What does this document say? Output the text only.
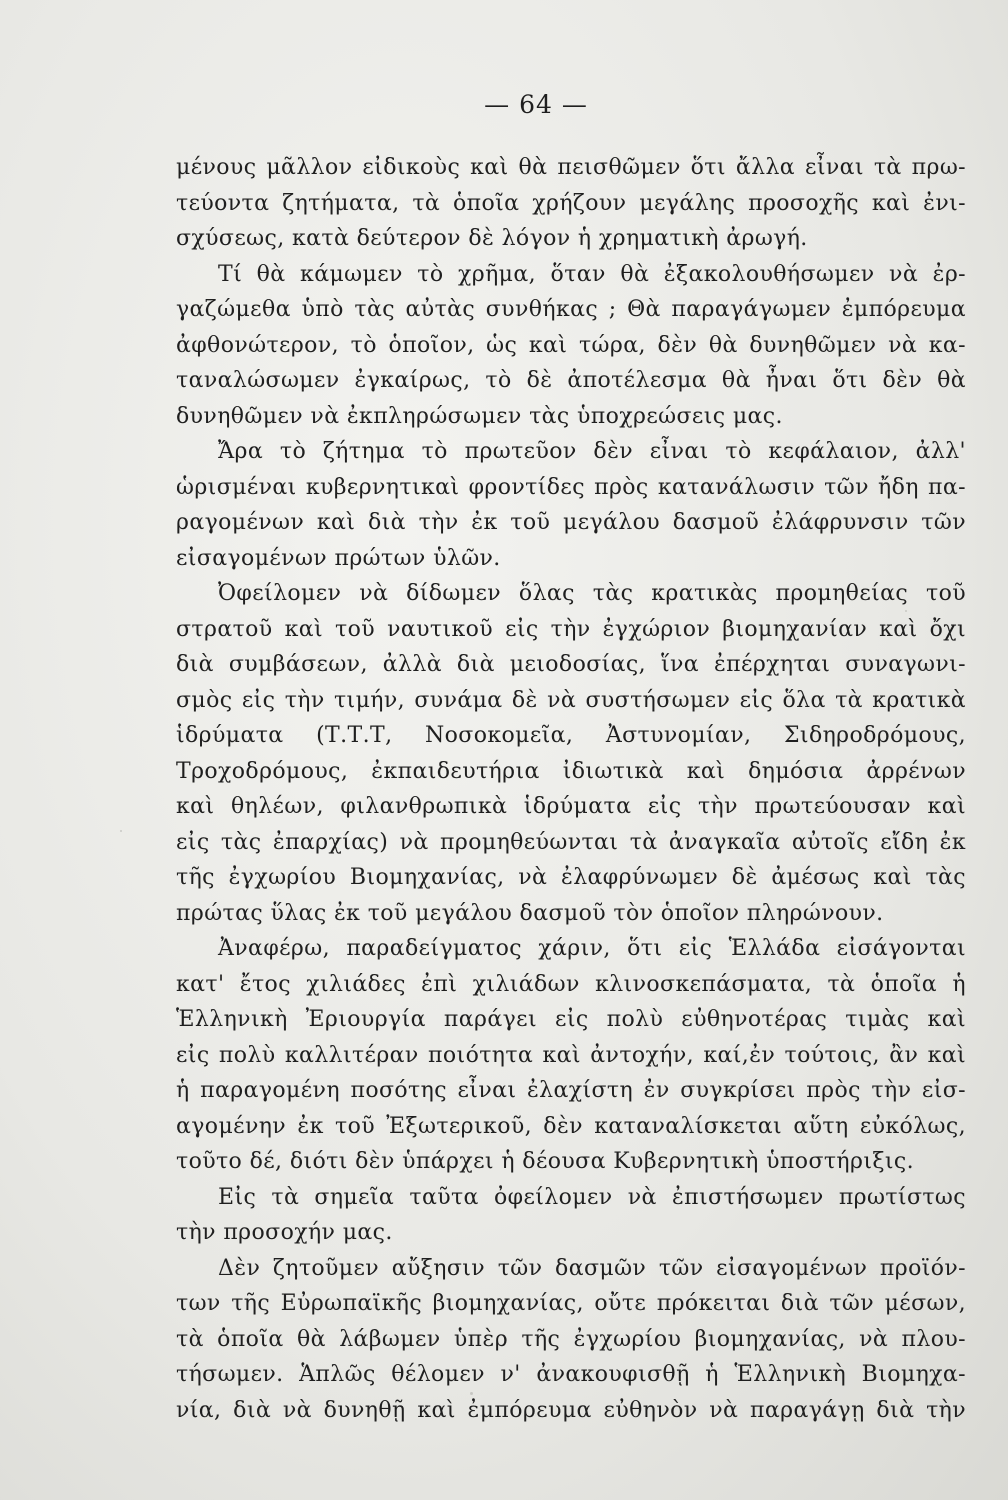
— 64 —
μένους μᾶλλον εἰδικοὺς καὶ θὰ πεισθῶμεν ὅτι ἄλλα εἶναι τὰ πρω-
τεύοντα ζητήματα, τὰ ὁποῖα χρήζουν μεγάλης προσοχῆς καὶ ἐνι-
σχύσεως, κατὰ δεύτερον δὲ λόγον ἡ χρηματικὴ ἀρωγή.
Τί θὰ κάμωμεν τὸ χρῆμα, ὅταν θὰ ἐξακολουθήσωμεν νὰ ἐρ-
γαζώμεθα ὑπὸ τὰς αὐτὰς συνθήκας ; Θὰ παραγάγωμεν ἐμπόρευμα
ἀφθονώτερον, τὸ ὁποῖον, ὡς καὶ τώρα, δὲν θὰ δυνηθῶμεν νὰ κα-
ταναλώσωμεν ἐγκαίρως, τὸ δὲ ἀποτέλεσμα θὰ ἦναι ὅτι δὲν θὰ
δυνηθῶμεν νὰ ἐκπληρώσωμεν τὰς ὑποχρεώσεις μας.
Ἄρα τὸ ζήτημα τὸ πρωτεῦον δὲν εἶναι τὸ κεφάλαιον, ἀλλ'
ὡρισμέναι κυβερνητικαὶ φροντίδες πρὸς κατανάλωσιν τῶν ἤδη πα-
ραγομένων καὶ διὰ τὴν ἐκ τοῦ μεγάλου δασμοῦ ἐλάφρυνσιν τῶν
εἰσαγομένων πρώτων ὑλῶν.
Ὀφείλομεν νὰ δίδωμεν ὅλας τὰς κρατικὰς προμηθείας τοῦ
στρατοῦ καὶ τοῦ ναυτικοῦ εἰς τὴν ἐγχώριον βιομηχανίαν καὶ ὄχι
διὰ συμβάσεων, ἀλλὰ διὰ μειοδοσίας, ἵνα ἐπέρχηται συναγωνι-
σμὸς εἰς τὴν τιμήν, συνάμα δὲ νὰ συστήσωμεν εἰς ὅλα τὰ κρατικὰ
ἱδρύματα (Τ.Τ.Τ, Νοσοκομεῖα, Ἀστυνομίαν, Σιδηροδρόμους,
Τροχοδρόμους, ἐκπαιδευτήρια ἰδιωτικὰ καὶ δημόσια ἀρρένων
καὶ θηλέων, φιλανθρωπικὰ ἱδρύματα εἰς τὴν πρωτεύουσαν καὶ
εἰς τὰς ἐπαρχίας) νὰ προμηθεύωνται τὰ ἀναγκαῖα αὐτοῖς εἴδη ἐκ
τῆς ἐγχωρίου Βιομηχανίας, νὰ ἐλαφρύνωμεν δὲ ἀμέσως καὶ τὰς
πρώτας ὕλας ἐκ τοῦ μεγάλου δασμοῦ τὸν ὁποῖον πληρώνουν.
Ἀναφέρω, παραδείγματος χάριν, ὅτι εἰς Ἑλλάδα εἰσάγονται
κατ' ἔτος χιλιάδες ἐπὶ χιλιάδων κλινοσκεπάσματα, τὰ ὁποῖα ἡ
Ἑλληνικὴ Ἐριουργία παράγει εἰς πολὺ εὐθηνοτέρας τιμὰς καὶ
εἰς πολὺ καλλιτέραν ποιότητα καὶ ἀντοχήν, καί,ἐν τούτοις, ἂν καὶ
ἡ παραγομένη ποσότης εἶναι ἐλαχίστη ἐν συγκρίσει πρὸς τὴν εἰσ-
αγομένην ἐκ τοῦ Ἐξωτερικοῦ, δὲν καταναλίσκεται αὕτη εὐκόλως,
τοῦτο δέ, διότι δὲν ὑπάρχει ἡ δέουσα Κυβερνητικὴ ὑποστήριξις.
Εἰς τὰ σημεῖα ταῦτα ὀφείλομεν νὰ ἐπιστήσωμεν πρωτίστως
τὴν προσοχήν μας.
Δὲν ζητοῦμεν αὔξησιν τῶν δασμῶν τῶν εἰσαγομένων προϊόν-
των τῆς Εὐρωπαϊκῆς βιομηχανίας, οὔτε πρόκειται διὰ τῶν μέσων,
τὰ ὁποῖα θὰ λάβωμεν ὑπὲρ τῆς ἐγχωρίου βιομηχανίας, νὰ πλου-
τήσωμεν. Ἁπλῶς θέλομεν ν' ἀνακουφισθῇ ἡ Ἑλληνικὴ Βιομηχα-
νία, διὰ νὰ δυνηθῇ καὶ ἐμπόρευμα εὐθηνὸν νὰ παραγάγῃ διὰ τὴν
